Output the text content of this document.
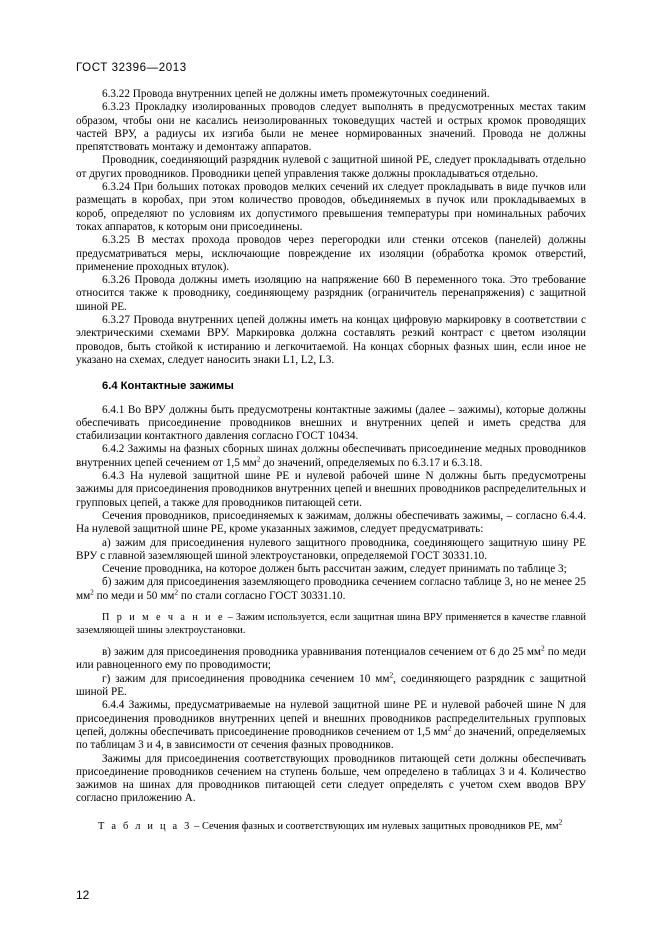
ГОСТ 32396—2013

6.3.22 Провода внутренних цепей не должны иметь промежуточных соединений.

6.3.23 Прокладку изолированных проводов следует выполнять в предусмотренных местах таким образом, чтобы они не касались неизолированных токоведущих частей и острых кромок проводящих частей ВРУ, а радиусы их изгиба были не менее нормированных значений. Провода не должны препятствовать монтажу и демонтажу аппаратов.

Проводник, соединяющий разрядник нулевой с защитной шиной РЕ, следует прокладывать отдельно от других проводников. Проводники цепей управления также должны прокладываться отдельно.

6.3.24 При больших потоках проводов мелких сечений их следует прокладывать в виде пучков или размещать в коробах, при этом количество проводов, объединяемых в пучок или прокладываемых в короб, определяют по условиям их допустимого превышения температуры при номинальных рабочих токах аппаратов, к которым они присоединены.

6.3.25 В местах прохода проводов через перегородки или стенки отсеков (панелей) должны предусматриваться меры, исключающие повреждение их изоляции (обработка кромок отверстий, применение проходных втулок).

6.3.26 Провода должны иметь изоляцию на напряжение 660 В переменного тока. Это требование относится также к проводнику, соединяющему разрядник (ограничитель перенапряжения) с защитной шиной РЕ.

6.3.27 Провода внутренних цепей должны иметь на концах цифровую маркировку в соответствии с электрическими схемами ВРУ. Маркировка должна составлять резкий контраст с цветом изоляции проводов, быть стойкой к истиранию и легкочитаемой. На концах сборных фазных шин, если иное не указано на схемах, следует наносить знаки L1, L2, L3.

6.4 Контактные зажимы

6.4.1 Во ВРУ должны быть предусмотрены контактные зажимы (далее – зажимы), которые должны обеспечивать присоединение проводников внешних и внутренних цепей и иметь средства для стабилизации контактного давления согласно ГОСТ 10434.

6.4.2 Зажимы на фазных сборных шинах должны обеспечивать присоединение медных проводников внутренних цепей сечением от 1,5 $мм^2$ до значений, определяемых по 6.3.17 и 6.3.18.

6.4.3 На нулевой защитной шине РЕ и нулевой рабочей шине N должны быть предусмотрены зажимы для присоединения проводников внутренних цепей и внешних проводников распределительных и групповых цепей, а также для проводников питающей сети.

Сечения проводников, присоединяемых к зажимам, должны обеспечивать зажимы, – согласно 6.4.4. На нулевой защитной шине РЕ, кроме указанных зажимов, следует предусматривать:

а) зажим для присоединения нулевого защитного проводника, соединяющего защитную шину РЕ ВРУ с главной заземляющей шиной электроустановки, определяемой ГОСТ 30331.10.

Сечение проводника, на которое должен быть рассчитан зажим, следует принимать по таблице 3;

б) зажим для присоединения заземляющего проводника сечением согласно таблице 3, но не менее 25 $мм^2$ по меди и 50 $мм^2$ по стали согласно ГОСТ 30331.10.

П р и м е ч а н и е – Зажим используется, если защитная шина ВРУ применяется в качестве главной заземляющей шины электроустановки.

в) зажим для присоединения проводника уравнивания потенциалов сечением от 6 до 25 $мм^2$ по меди или равноценного ему по проводимости;

г) зажим для присоединения проводника сечением 10 $мм^2$, соединяющего разрядник с защитной шиной РЕ.

6.4.4 Зажимы, предусматриваемые на нулевой защитной шине РЕ и нулевой рабочей шине N для присоединения проводников внутренних цепей и внешних проводников распределительных групповых цепей, должны обеспечивать присоединение проводников сечением от 1,5 $мм^2$ до значений, определяемых по таблицам 3 и 4, в зависимости от сечения фазных проводников.

Зажимы для присоединения соответствующих проводников питающей сети должны обеспечивать присоединение проводников сечением на ступень больше, чем определено в таблицах 3 и 4. Количество зажимов на шинах для проводников питающей сети следует определять с учетом схем вводов ВРУ согласно приложению А.

Т а б л и ц а 3 – Сечения фазных и соответствующих им нулевых защитных проводников РЕ, $мм^2$

12
